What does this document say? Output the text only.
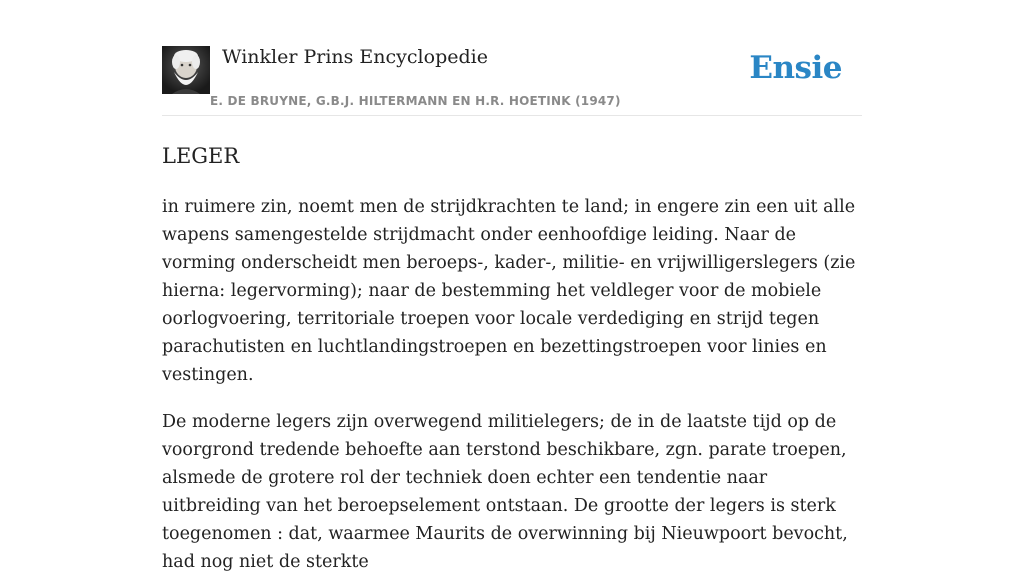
Winkler Prins Encyclopedie
E. DE BRUYNE, G.B.J. HILTERMANN EN H.R. HOETINK (1947)
Ensie
LEGER

in ruimere zin, noemt men de strijdkrachten te land; in engere zin een uit alle wapens samengestelde strijdmacht onder eenhoofdige leiding. Naar de vorming onderscheidt men beroeps-, kader-, militie- en vrijwilligerslegers (zie hierna: legervorming); naar de bestemming het veldleger voor de mobiele oorlogvoering, territoriale troepen voor locale verdediging en strijd tegen parachutisten en luchtlandingstroepen en bezettingstroepen voor linies en vestingen.

De moderne legers zijn overwegend militielegers; de in de laatste tijd op de voorgrond tredende behoefte aan terstond beschikbare, zgn. parate troepen, alsmede de grotere rol der techniek doen echter een tendentie naar uitbreiding van het beroepselement ontstaan. De grootte der legers is sterk toegenomen : dat, waarmee Maurits de overwinning bij Nieuwpoort bevocht, had nog niet de sterkte
